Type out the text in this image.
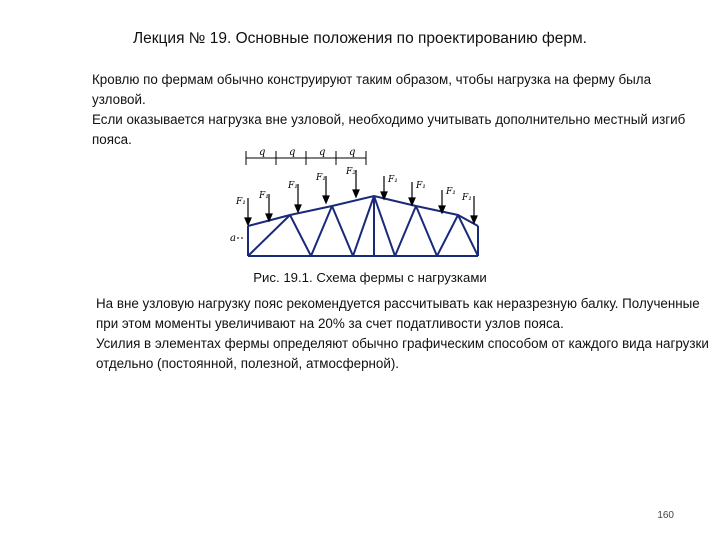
Лекция № 19. Основные положения по проектированию ферм.
Кровлю по фермам обычно конструируют таким образом, чтобы нагрузка на ферму была узловой.
Если оказывается нагрузка вне узловой, необходимо учитывать дополнительно местный изгиб пояса.
q q q q
F₁
F₁
F₁
F₁
F₂
F₁
F₁
F₁
F₁
a
Рис. 19.1. Схема фермы с нагрузками
На вне узловую нагрузку пояс рекомендуется рассчитывать как неразрезную балку. Полученные при этом моменты увеличивают на 20% за счет податливости узлов пояса.
Усилия в элементах фермы определяют обычно графическим способом от каждого вида нагрузки отдельно (постоянной, полезной, атмосферной).
160
